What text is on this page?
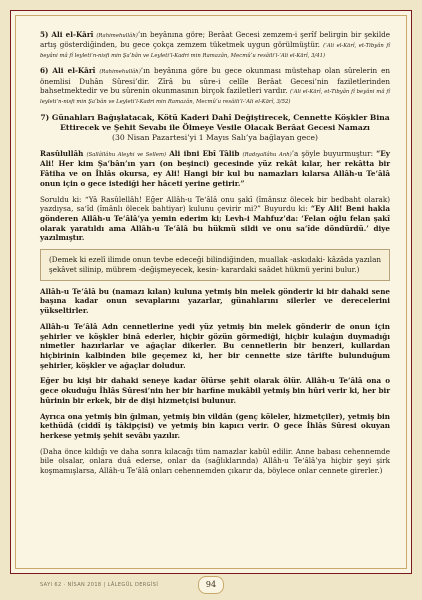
5) Ali el-Kārî (Rahimehullâh)’ın beyânına göre; Berâat Gecesi zemzem-i şerîf belirgin bir şekilde artış gösterdiğinden, bu gece çokça zemzem tüketmek uygun görülmüştür. (’Ali el-Kārî, et-Tibyân fî beyâni mâ fî leyleti’n-nisfi min Şa‘bân ve Leyleti’l-Kadri min Ramazân, Mecmû‘u resâili’l-’Ali el-Kārî, 3/41)

6) Ali el-Kārî (Rahimehullâh)’ın beyânına göre bu gece okunması müstehap olan sûrelerin en önemlisi Duhân Sûresi’dir. Zîrâ bu sûre-i celîle Berâat Gecesi’nin faziletlerinden bahsetmektedir ve bu sûrenin okunmasının birçok faziletleri vardır. (’Ali el-Kārî, et-Tibyân fî beyâni mâ fî leyleti’n-nisfi min Şa‘bân ve Leyleti’l-Kadri min Ramazân, Mecmû‘u resâili’l-’Ali el-Kārî, 3/52)

7) Günahları Bağışlatacak, Kötü Kaderi Dahî Değiştirecek, Cennette Köşkler Bina Ettirecek ve Şehit Sevabı ile Ölmeye Vesile Olacak Berâat Gecesi Namazı
(30 Nisan Pazartesi’yi 1 Mayıs Salı’ya bağlayan gece)

Rasûlullâh (Sallâllâhu Aleyhi ve Sellem) Ali ibni Ebî Tâlib (Radıyallâhu Anh)’a şöyle buyurmuştur: “Ey Ali! Her kim Şa‘bân’ın yarı (on beşinci) gecesinde yüz rekât kılar, her rekâtta bir Fâtiha ve on İhlâs okursa, ey Ali! Hangi bir kul bu namazları kılarsa Allâh-u Te‘âlâ onun için o gece istediği her hâceti yerine getirir.”

Soruldu ki: “Yâ Rasûlellâh! Eğer Allâh-u Te‘âlâ onu şakî (îmânsız ölecek bir bedbaht olarak) yazdıysa, sa‘îd (îmânlı ölecek bahtiyar) kulunu çevirir mi?” Buyurdu ki: “Ey Ali! Beni hakla gönderen Allâh-u Te‘âlâ’ya yemin ederim ki; Levh-i Mahfuz’da: ‘Felan oğlu felan şakî olarak yaratıldı ama Allâh-u Te‘âlâ bu hükmü sildi ve onu sa‘îde döndürdü.’ diye yazılmıştır.

(Demek ki ezelî ilimde onun tevbe edeceği bilindiğinden, muallak -askıdaki- kâzâda yazılan şekâvet silinip, mübrem -değişmeyecek, kesin- karardaki saâdet hükmü yerini bulur.)

Allâh-u Te‘âlâ bu (namazı kılan) kuluna yetmiş bin melek gönderir ki bir dahaki sene başına kadar onun sevaplarını yazarlar, günahlarını silerler ve derecelerini yükseltirler.

Allâh-u Te‘âlâ Adn cennetlerine yedi yüz yetmiş bin melek gönderir de onun için şehirler ve köşkler binâ ederler, hiçbir gözün görmediği, hiçbir kulağın duymadığı nimetler hazırlarlar ve ağaçlar dikerler. Bu cennetlerin bir benzeri, kullardan hiçbirinin kalbinden bile geçemez ki, her bir cennette size târifte bulunduğum şehirler, köşkler ve ağaçlar doludur.

Eğer bu kişi bir dahaki seneye kadar ölürse şehit olarak ölür. Allâh-u Te‘âlâ ona o gece okuduğu İhlâs Sûresi’nin her bir harfine mukâbil yetmiş bin hûri verir ki, her bir hûrinin bir erkek, bir de dişi hizmetçisi bulunur.

Ayrıca ona yetmiş bin ğılman, yetmiş bin vildân (genç köleler, hizmetçiler), yetmiş bin kethüdâ (ciddî iş tâkipçisi) ve yetmiş bin kapıcı verir. O gece İhlâs Sûresi okuyan herkese yetmiş şehit sevâbı yazılır.

(Daha önce kıldığı ve daha sonra kılacağı tüm namazlar kabûl edilir. Anne babası cehennemde bile olsalar, onlara duâ ederse, onlar da (sağlıklarında) Allâh-u Te‘âlâ’ya hiçbir şeyi şirk koşmamışlarsa, Allâh-u Te‘âlâ onları cehennemden çıkarır da, böylece onlar cennete girerler.)

SAYI 62 · NİSAN 2018 | LÂLEGÜL DERGİSİ	94
